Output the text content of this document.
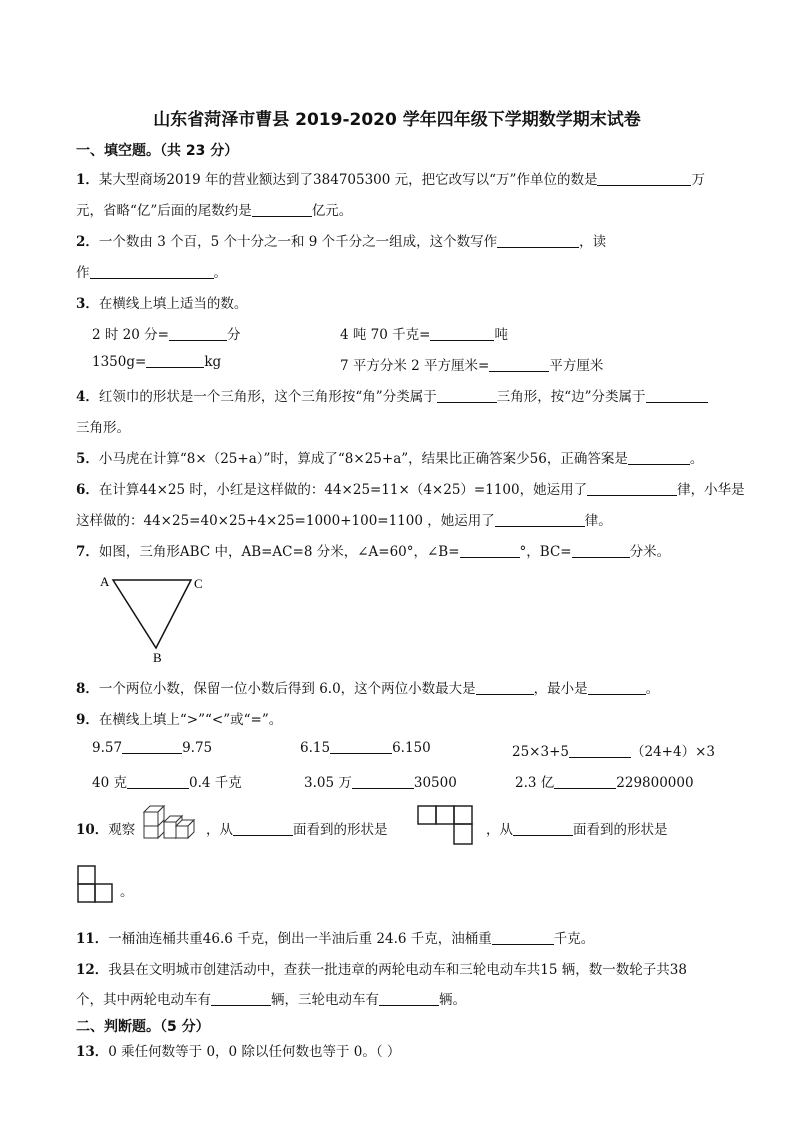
山东省菏泽市曹县 2019-2020 学年四年级下学期数学期末试卷
一、填空题。（共 23 分）
1．某大型商场2019 年的营业额达到了384705300 元，把它改写以“万”作单位的数是	万
元，省略“亿”后面的尾数约是	亿元。
2．一个数由 3 个百，5 个十分之一和 9 个千分之一组成，这个数写作	，读
作	。
3．在横线上填上适当的数。
2 时 20 分=	分	4 吨 70 千克=	吨
1350g=	kg	7 平方分米 2 平方厘米=	平方厘米
4．红领巾的形状是一个三角形，这个三角形按“角”分类属于	三角形，按“边”分类属于
三角形。
5．小马虎在计算“8×（25+a）”时，算成了“8×25+a”，结果比正确答案少56，正确答案是	。
6．在计算44×25 时，小红是这样做的：44×25=11×（4×25）=1100，她运用了	律，小华是
这样做的：44×25=40×25+4×25=1000+100=1100 ，她运用了	律。
7．如图，三角形ABC 中，AB=AC=8 分米，∠A=60°，∠B=	°，BC=	分米。
A	C
B
8．一个两位小数，保留一位小数后得到 6.0，这个两位小数最大是	，最小是	。
9．在横线上填上“>”“<”或“=”。
9.57	9.75	6.15	6.150	25×3+5	（24+4）×3
40 克	0.4 千克	3.05 万	30500	2.3 亿	229800000
10．观察	，从	面看到的形状是	，从	面看到的形状是
。
11．一桶油连桶共重46.6 千克，倒出一半油后重 24.6 千克，油桶重	千克。
12．我县在文明城市创建活动中，查获一批违章的两轮电动车和三轮电动车共15 辆，数一数轮子共38
个，其中两轮电动车有	辆，三轮电动车有	辆。
二、判断题。（5 分）
13．0 乘任何数等于 0，0 除以任何数也等于 0。（ ）
